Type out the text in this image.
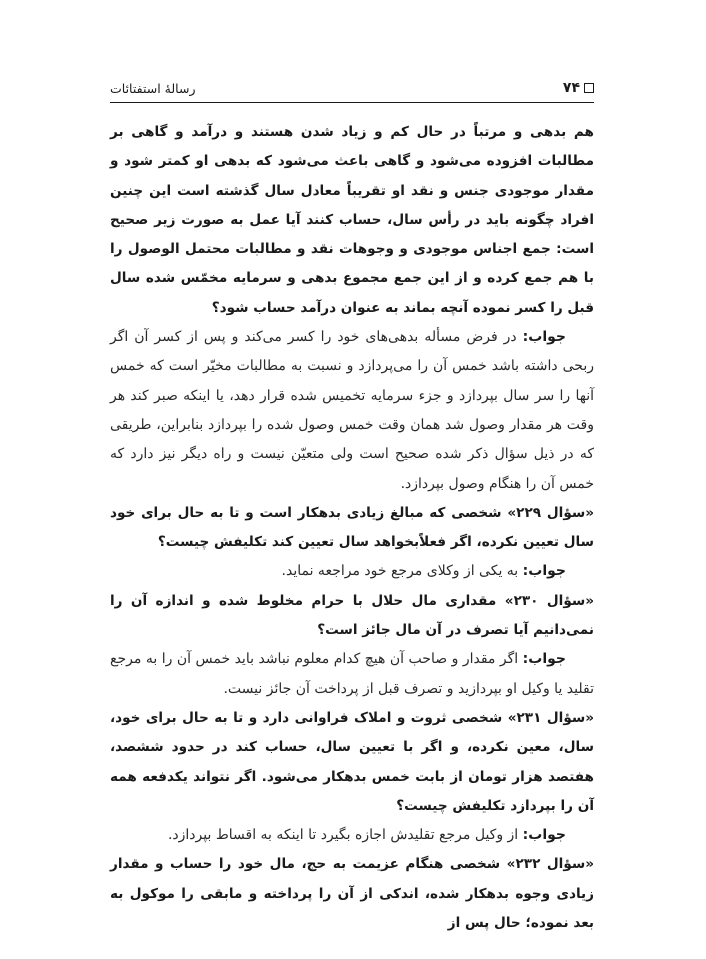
۷۴
رسالۀ استفتائات

هم بدهی و مرتباً در حال کم و زیاد شدن هستند و درآمد و گاهی بر مطالبات افزوده می‌شود و گاهی باعث می‌شود که بدهی او کمتر شود و مقدار موجودی جنس و نقد او تقریباً معادل سال گذشته است این چنین افراد چگونه باید در رأس سال، حساب کنند آیا عمل به صورت زیر صحیح است: جمع اجناس موجودی و وجوهات نقد و مطالبات محتمل الوصول را با هم جمع کرده و از این جمع مجموع بدهی و سرمایه مخمّس شده سال قبل را کسر نموده آنچه بماند به عنوان درآمد حساب شود؟

جواب: در فرض مسأله بدهی‌های خود را کسر می‌کند و پس از کسر آن اگر ربحی داشته باشد خمس آن را می‌پردازد و نسبت به مطالبات مخیّر است که خمس آنها را سر سال بپردازد و جزء سرمایه تخمیس شده قرار دهد، یا اینکه صبر کند هر وقت هر مقدار وصول شد همان وقت خمس وصول شده را بپردازد بنابراین، طریقی که در ذیل سؤال ذکر شده صحیح است ولی متعیّن نیست و راه دیگر نیز دارد که خمس آن را هنگام وصول بپردازد.

«سؤال ۲۲۹» شخصی که مبالغ زیادی بدهکار است و تا به حال برای خود سال تعیین نکرده، اگر فعلاًبخواهد سال تعیین کند تکلیفش چیست؟

جواب: به یکی از وکلای مرجع خود مراجعه نماید.

«سؤال ۲۳۰» مقداری مال حلال با حرام مخلوط شده و اندازه آن را نمی‌دانیم آیا تصرف در آن مال جائز است؟

جواب: اگر مقدار و صاحب آن هیچ کدام معلوم نباشد باید خمس آن را به مرجع تقلید یا وکیل او بپردازید و تصرف قبل از پرداخت آن جائز نیست.

«سؤال ۲۳۱» شخصی ثروت و املاک فراوانی دارد و تا به حال برای خود، سال، معین نکرده، و اگر با تعیین سال، حساب کند در حدود ششصد، هفتصد هزار تومان از بابت خمس بدهکار می‌شود. اگر نتواند یکدفعه همه آن را بپردازد تکلیفش چیست؟

جواب: از وکیل مرجع تقلیدش اجازه بگیرد تا اینکه به اقساط بپردازد.

«سؤال ۲۳۲» شخصی هنگام عزیمت به حج، مال خود را حساب و مقدار زیادی وجوه بدهکار شده، اندکی از آن را پرداخته و مابقی را موکول به بعد نموده؛ حال پس از
